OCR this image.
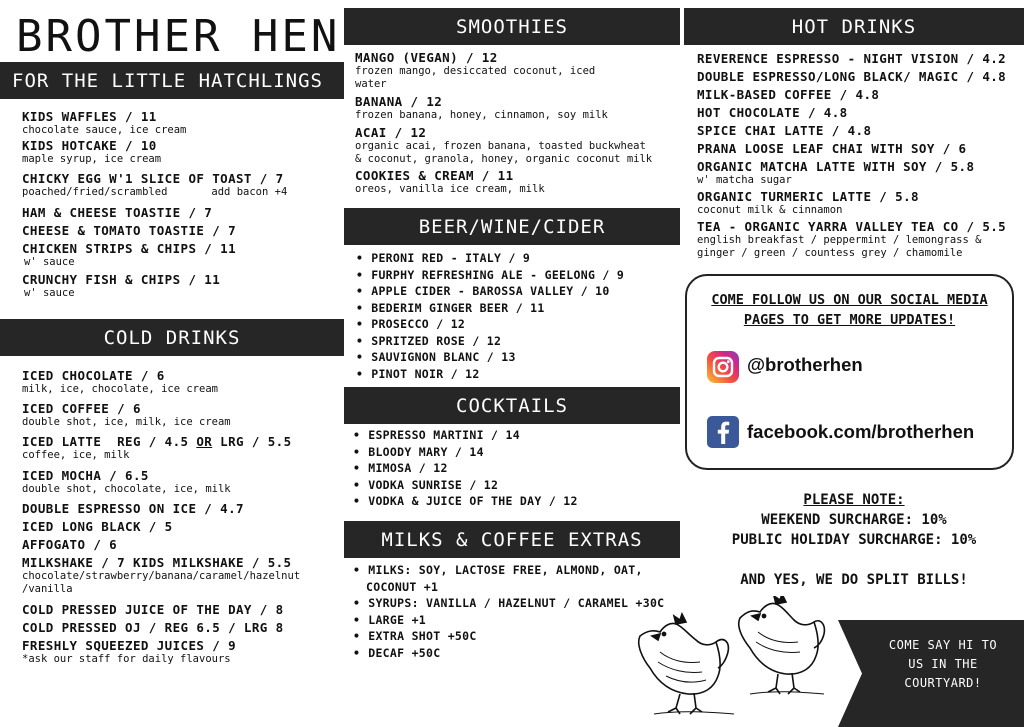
BROTHER HEN
FOR THE LITTLE HATCHLINGS
KIDS WAFFLES / 11
chocolate sauce, ice cream
KIDS HOTCAKE / 10
maple syrup, ice cream
CHICKY EGG W'1 SLICE OF TOAST / 7
poached/fried/scrambled	add bacon +4
HAM & CHEESE TOASTIE / 7
CHEESE & TOMATO TOASTIE / 7
CHICKEN STRIPS & CHIPS / 11
w' sauce
CRUNCHY FISH & CHIPS / 11
w' sauce
COLD DRINKS
ICED CHOCOLATE / 6
milk, ice, chocolate, ice cream
ICED COFFEE / 6
double shot, ice, milk, ice cream
ICED LATTE  REG / 4.5 OR LRG / 5.5
coffee, ice, milk
ICED MOCHA / 6.5
double shot, chocolate, ice, milk
DOUBLE ESPRESSO ON ICE / 4.7
ICED LONG BLACK / 5
AFFOGATO / 6
MILKSHAKE / 7 KIDS MILKSHAKE / 5.5
chocolate/strawberry/banana/caramel/hazelnut
/vanilla
COLD PRESSED JUICE OF THE DAY / 8
COLD PRESSED OJ / REG 6.5 / LRG 8
FRESHLY SQUEEZED JUICES / 9
*ask our staff for daily flavours
SMOOTHIES
MANGO (VEGAN) / 12
frozen mango, desiccated coconut, iced
water
BANANA / 12
frozen banana, honey, cinnamon, soy milk
ACAI / 12
organic acai, frozen banana, toasted buckwheat
& coconut, granola, honey, organic coconut milk
COOKIES & CREAM / 11
oreos, vanilla ice cream, milk
BEER/WINE/CIDER
• PERONI RED - ITALY / 9
• FURPHY REFRESHING ALE - GEELONG / 9
• APPLE CIDER - BAROSSA VALLEY / 10
• BEDERIM GINGER BEER / 11
• PROSECCO / 12
• SPRITZED ROSE / 12
• SAUVIGNON BLANC / 13
• PINOT NOIR / 12
COCKTAILS
• ESPRESSO MARTINI / 14
• BLOODY MARY / 14
• MIMOSA / 12
• VODKA SUNRISE / 12
• VODKA & JUICE OF THE DAY / 12
MILKS & COFFEE EXTRAS
• MILKS: SOY, LACTOSE FREE, ALMOND, OAT,
COCONUT +1
• SYRUPS: VANILLA / HAZELNUT / CARAMEL +30C
• LARGE +1
• EXTRA SHOT +50C
• DECAF +50C
HOT DRINKS
REVERENCE ESPRESSO - NIGHT VISION / 4.2
DOUBLE ESPRESSO/LONG BLACK/ MAGIC / 4.8
MILK-BASED COFFEE / 4.8
HOT CHOCOLATE / 4.8
SPICE CHAI LATTE / 4.8
PRANA LOOSE LEAF CHAI WITH SOY / 6
ORGANIC MATCHA LATTE WITH SOY / 5.8
w' matcha sugar
ORGANIC TURMERIC LATTE / 5.8
coconut milk & cinnamon
TEA - ORGANIC YARRA VALLEY TEA CO / 5.5
english breakfast / peppermint / lemongrass &
ginger / green / countess grey / chamomile
COME FOLLOW US ON OUR SOCIAL MEDIA
PAGES TO GET MORE UPDATES!
@brotherhen
facebook.com/brotherhen
PLEASE NOTE:
WEEKEND SURCHARGE: 10%
PUBLIC HOLIDAY SURCHARGE: 10%
AND YES, WE DO SPLIT BILLS!
COME SAY HI TO
US IN THE
COURTYARD!
